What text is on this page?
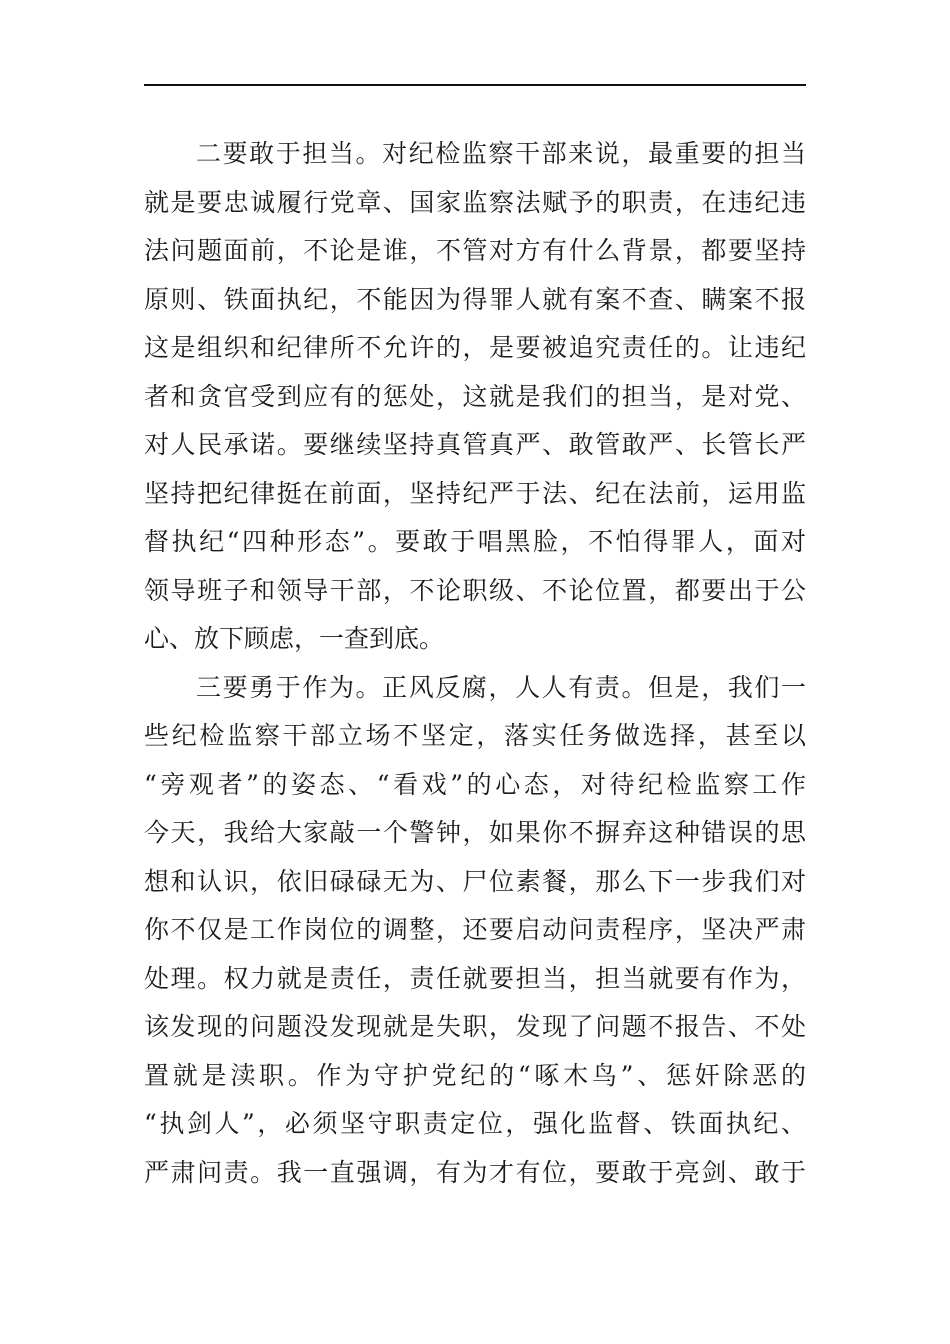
二要敢于担当。对纪检监察干部来说，最重要的担当
就是要忠诚履行党章、国家监察法赋予的职责，在违纪违
法问题面前，不论是谁，不管对方有什么背景，都要坚持
原则、铁面执纪，不能因为得罪人就有案不查、瞒案不报
这是组织和纪律所不允许的，是要被追究责任的。让违纪
者和贪官受到应有的惩处，这就是我们的担当，是对党、
对人民承诺。要继续坚持真管真严、敢管敢严、长管长严
坚持把纪律挺在前面，坚持纪严于法、纪在法前，运用监
督执纪“四种形态”。要敢于唱黑脸，不怕得罪人，面对
领导班子和领导干部，不论职级、不论位置，都要出于公
心、放下顾虑，一查到底。
三要勇于作为。正风反腐，人人有责。但是，我们一
些纪检监察干部立场不坚定，落实任务做选择，甚至以
“旁观者”的姿态、“看戏”的心态，对待纪检监察工作
今天，我给大家敲一个警钟，如果你不摒弃这种错误的思
想和认识，依旧碌碌无为、尸位素餐，那么下一步我们对
你不仅是工作岗位的调整，还要启动问责程序，坚决严肃
处理。权力就是责任，责任就要担当，担当就要有作为，
该发现的问题没发现就是失职，发现了问题不报告、不处
置就是渎职。作为守护党纪的“啄木鸟”、惩奸除恶的
“执剑人”，必须坚守职责定位，强化监督、铁面执纪、
严肃问责。我一直强调，有为才有位，要敢于亮剑、敢于
